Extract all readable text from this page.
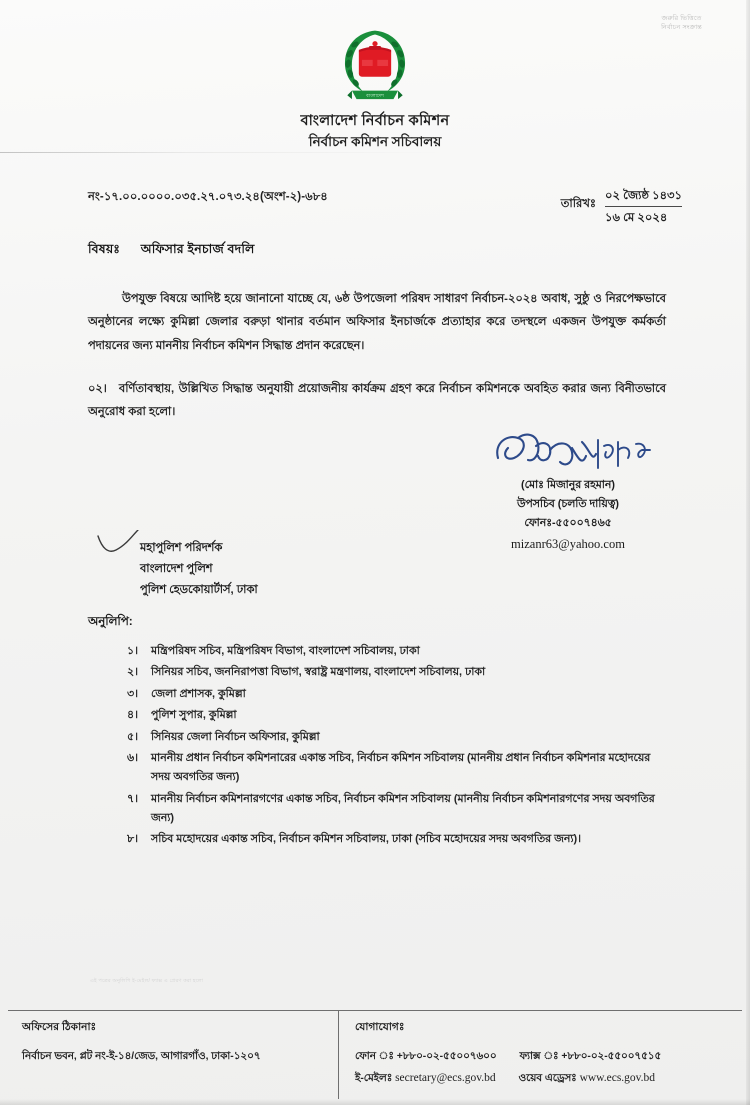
জরুরি ভিত্তিতে
নির্বাচন সংক্রান্ত
বাংলাদেশ
বাংলাদেশ নির্বাচন কমিশন
নির্বাচন কমিশন সচিবালয়
নং-১৭.০০.০০০০.০৩৫.২৭.০৭৩.২৪(অংশ-২)-৬৮৪
তারিখঃ
০২ জ্যৈষ্ঠ ১৪৩১
১৬ মে ২০২৪
বিষয়ঃ অফিসার ইনচার্জ বদলি
উপযুক্ত বিষয়ে আদিষ্ট হয়ে জানানো যাচ্ছে যে, ৬ষ্ঠ উপজেলা পরিষদ সাধারণ নির্বাচন-২০২৪ অবাধ, সুষ্ঠু ও নিরপেক্ষভাবে অনুষ্ঠানের লক্ষ্যে কুমিল্লা জেলার বরুড়া থানার বর্তমান অফিসার ইনচার্জকে প্রত্যাহার করে তদস্থলে একজন উপযুক্ত কর্মকর্তা পদায়নের জন্য মাননীয় নির্বাচন কমিশন সিদ্ধান্ত প্রদান করেছেন।
০২। বর্ণিতাবস্থায়, উল্লিখিত সিদ্ধান্ত অনুযায়ী প্রয়োজনীয় কার্যক্রম গ্রহণ করে নির্বাচন কমিশনকে অবহিত করার জন্য বিনীতভাবে অনুরোধ করা হলো।
(মোঃ মিজানুর রহমান)
উপসচিব (চলতি দায়িত্ব)
ফোনঃ-৫৫০০৭৪৬৫
mizanr63@yahoo.com
মহাপুলিশ পরিদর্শক
বাংলাদেশ পুলিশ
পুলিশ হেডকোয়ার্টার্স, ঢাকা
অনুলিপি:
১।	মন্ত্রিপরিষদ সচিব, মন্ত্রিপরিষদ বিভাগ, বাংলাদেশ সচিবালয়, ঢাকা
২।	সিনিয়র সচিব, জননিরাপত্তা বিভাগ, স্বরাষ্ট্র মন্ত্রণালয়, বাংলাদেশ সচিবালয়, ঢাকা
৩।	জেলা প্রশাসক, কুমিল্লা
৪।	পুলিশ সুপার, কুমিল্লা
৫।	সিনিয়র জেলা নির্বাচন অফিসার, কুমিল্লা
৬।	মাননীয় প্রধান নির্বাচন কমিশনারের একান্ত সচিব, নির্বাচন কমিশন সচিবালয় (মাননীয় প্রধান নির্বাচন কমিশনার মহোদয়ের সদয় অবগতির জন্য)
৭।	মাননীয় নির্বাচন কমিশনারগণের একান্ত সচিব, নির্বাচন কমিশন সচিবালয় (মাননীয় নির্বাচন কমিশনারগণের সদয় অবগতির জন্য)
৮।	সচিব মহোদয়ের একান্ত সচিব, নির্বাচন কমিশন সচিবালয়, ঢাকা (সচিব মহোদয়ের সদয় অবগতির জন্য)।
এই পত্রের অনুলিপি ই-মেইল/ ফ্যাক্স এ প্রেরণ করা হলো
অফিসের ঠিকানাঃ
নির্বাচন ভবন, প্লট নং-ই-১৪/জেড, আগারগাঁও, ঢাকা-১২০৭
যোগাযোগঃ
ফোন ঃ +৮৮০-০২-৫৫০০৭৬০০ ফ্যাক্স ঃ +৮৮০-০২-৫৫০০৭৫১৫
ই-মেইলঃ secretary@ecs.gov.bd ওয়েব এড্রেসঃ www.ecs.gov.bd
